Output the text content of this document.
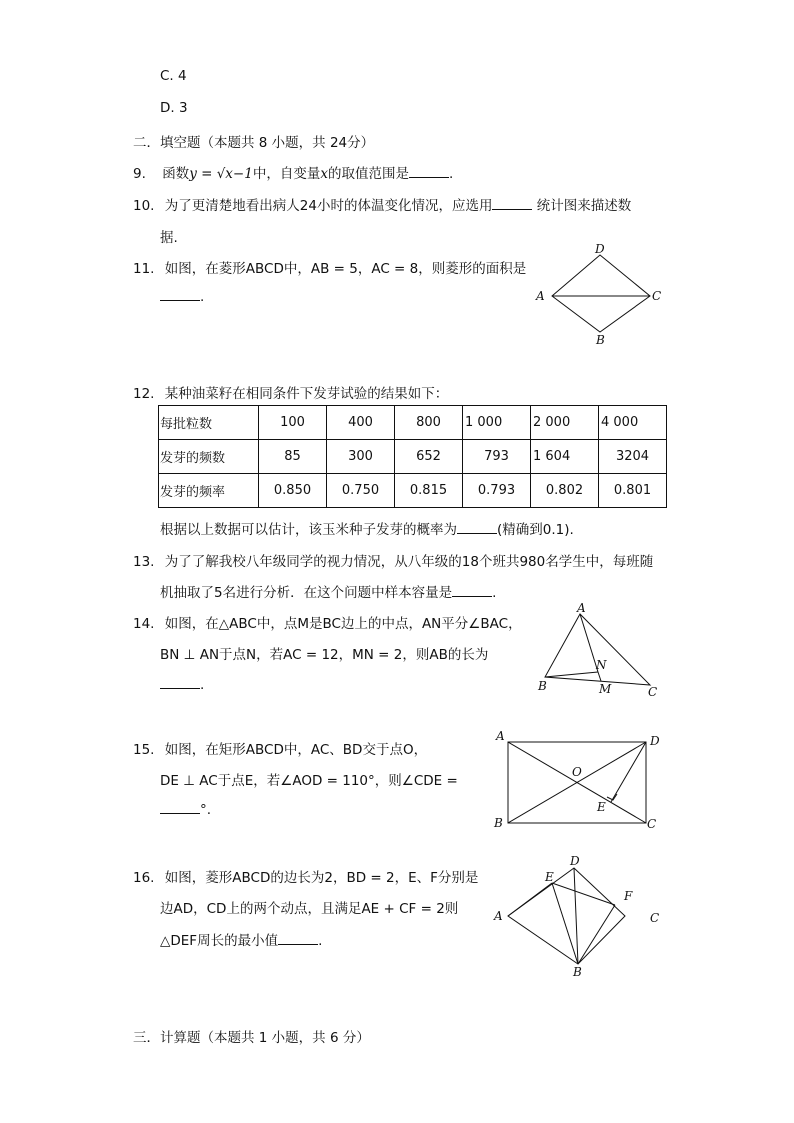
C. 4
D. 3
二．填空题（本题共 8 小题，共 24分）
9. 函数y = √x−1中，自变量x的取值范围是	.
10. 为了更清楚地看出病人24小时的体温变化情况，应选用	统计图来描述数
据.
11. 如图，在菱形ABCD中，AB = 5，AC = 8，则菱形的面积是
.	A
D
C
B
12. 某种油菜籽在相同条件下发芽试验的结果如下：
每批粒数	100	400	800	1 000	2 000	4 000
发芽的频数	85	300	652	793	1 604	3204
发芽的频率	0.850	0.750	0.815	0.793	0.802	0.801
根据以上数据可以估计，该玉米种子发芽的概率为	(精确到0.1).
13. 为了了解我校八年级同学的视力情况，从八年级的18个班共980名学生中，每班随
机抽取了5名进行分析．在这个问题中样本容量是	.
14. 如图，在△ABC中，点M是BC边上的中点，AN平分∠BAC，
BN ⊥ AN于点N，若AC = 12，MN = 2，则AB的长为
.
A
B	C
N
M
15. 如图，在矩形ABCD中，AC、BD交于点O，
DE ⊥ AC于点E，若∠AOD = 110°，则∠CDE =
°.
A	D
B	C
O
E
16. 如图，菱形ABCD的边长为2，BD = 2，E、F分别是
边AD，CD上的两个动点，且满足AE + CF = 2则
△DEF周长的最小值	.
A
D
E
F
C
B
三．计算题（本题共 1 小题，共 6 分）
